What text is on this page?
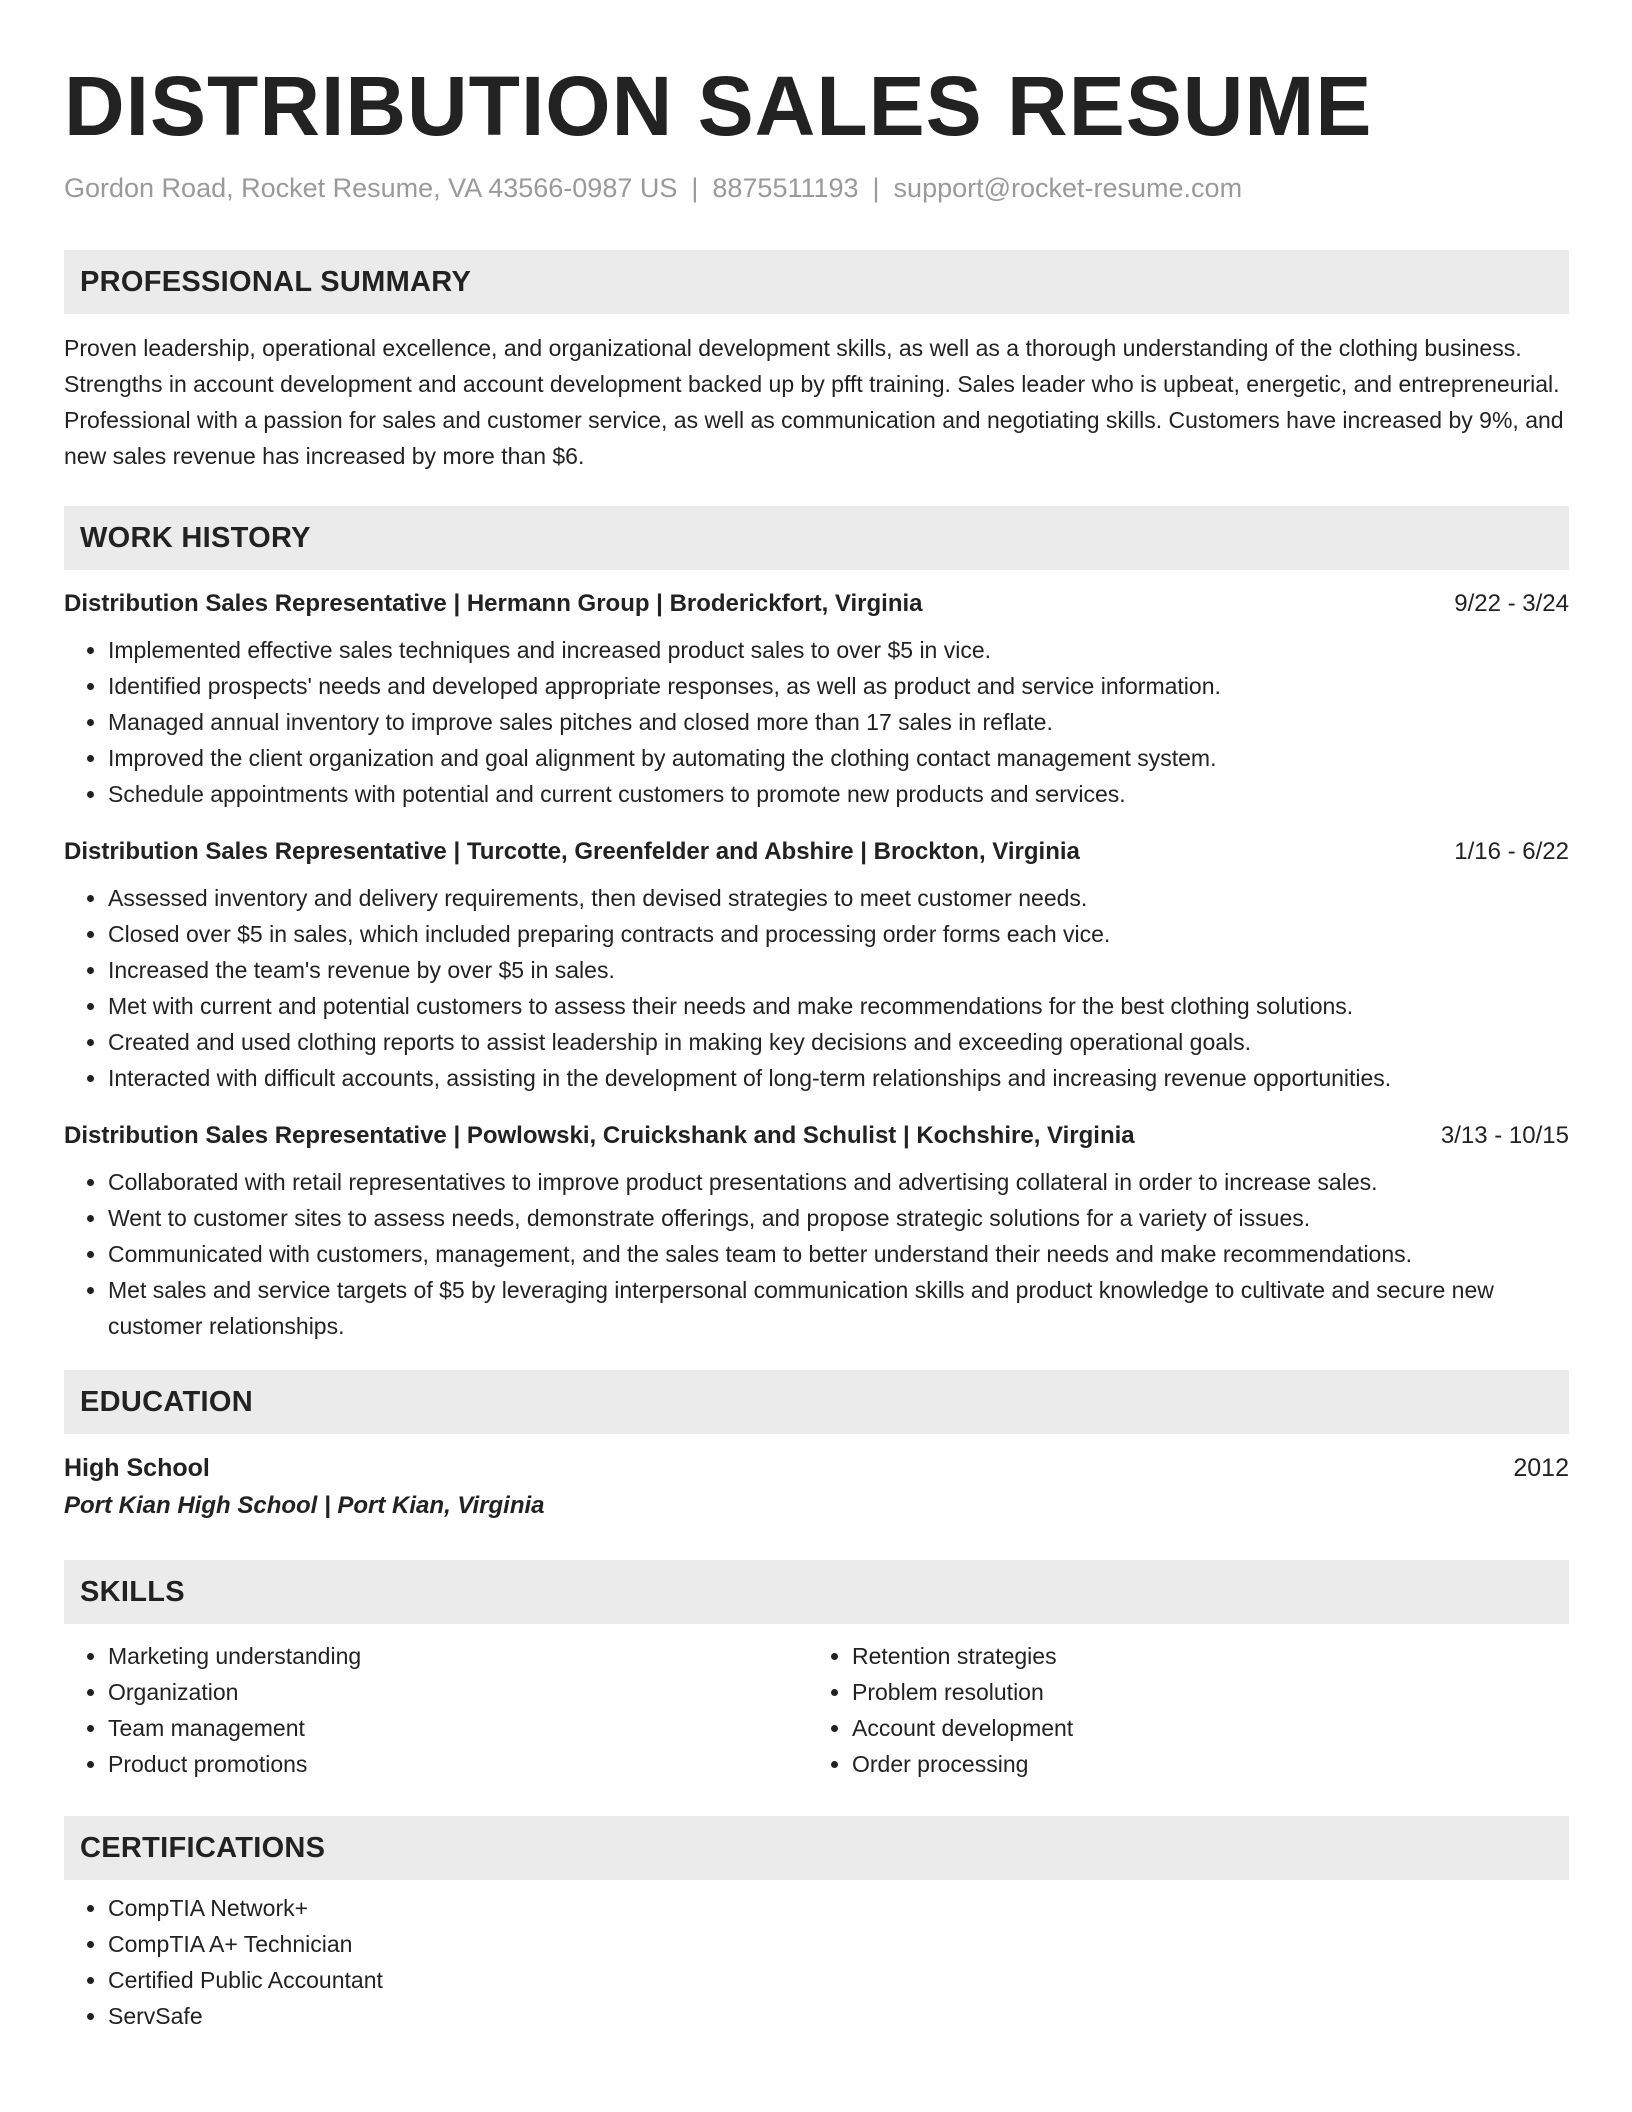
DISTRIBUTION SALES RESUME
Gordon Road, Rocket Resume, VA 43566-0987 US | 8875511193 | support@rocket-resume.com
PROFESSIONAL SUMMARY
Proven leadership, operational excellence, and organizational development skills, as well as a thorough understanding of the clothing business. Strengths in account development and account development backed up by pfft training. Sales leader who is upbeat, energetic, and entrepreneurial. Professional with a passion for sales and customer service, as well as communication and negotiating skills. Customers have increased by 9%, and new sales revenue has increased by more than $6.
WORK HISTORY
Distribution Sales Representative | Hermann Group | Broderickfort, Virginia	9/22 - 3/24
• Implemented effective sales techniques and increased product sales to over $5 in vice.
• Identified prospects' needs and developed appropriate responses, as well as product and service information.
• Managed annual inventory to improve sales pitches and closed more than 17 sales in reflate.
• Improved the client organization and goal alignment by automating the clothing contact management system.
• Schedule appointments with potential and current customers to promote new products and services.
Distribution Sales Representative | Turcotte, Greenfelder and Abshire | Brockton, Virginia	1/16 - 6/22
• Assessed inventory and delivery requirements, then devised strategies to meet customer needs.
• Closed over $5 in sales, which included preparing contracts and processing order forms each vice.
• Increased the team's revenue by over $5 in sales.
• Met with current and potential customers to assess their needs and make recommendations for the best clothing solutions.
• Created and used clothing reports to assist leadership in making key decisions and exceeding operational goals.
• Interacted with difficult accounts, assisting in the development of long-term relationships and increasing revenue opportunities.
Distribution Sales Representative | Powlowski, Cruickshank and Schulist | Kochshire, Virginia	3/13 - 10/15
• Collaborated with retail representatives to improve product presentations and advertising collateral in order to increase sales.
• Went to customer sites to assess needs, demonstrate offerings, and propose strategic solutions for a variety of issues.
• Communicated with customers, management, and the sales team to better understand their needs and make recommendations.
• Met sales and service targets of $5 by leveraging interpersonal communication skills and product knowledge to cultivate and secure new customer relationships.
EDUCATION
High School	2012
Port Kian High School | Port Kian, Virginia
SKILLS
• Marketing understanding
• Organization
• Team management
• Product promotions
• Retention strategies
• Problem resolution
• Account development
• Order processing
CERTIFICATIONS
• CompTIA Network+
• CompTIA A+ Technician
• Certified Public Accountant
• ServSafe
